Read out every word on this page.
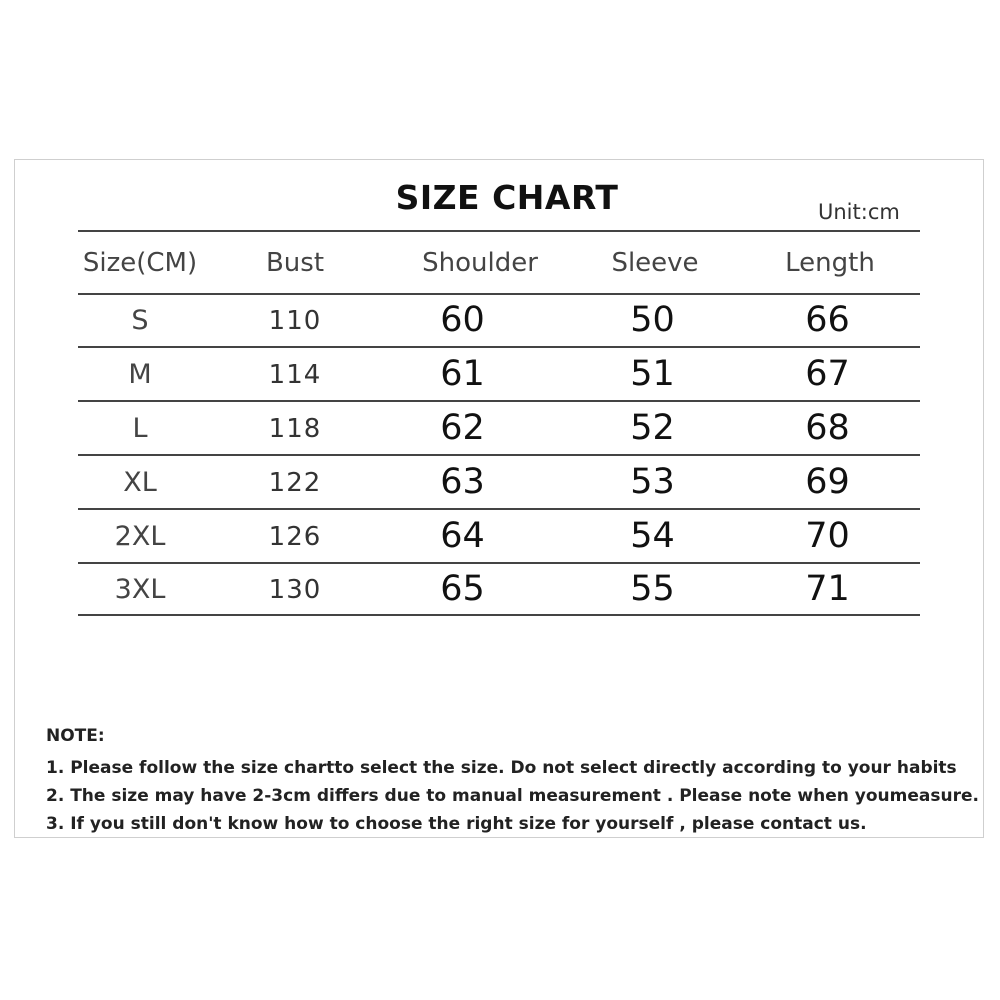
SIZE CHART	Unit:cm
Size(CM)	Bust	Shoulder	Sleeve	Length
S	110	60	50	66
M	114	61	51	67
L	118	62	52	68
XL	122	63	53	69
2XL	126	64	54	70
3XL	130	65	55	71
NOTE:
1. Please follow the size chartto select the size. Do not select directly according to your habits
2. The size may have 2-3cm differs due to manual measurement . Please note when youmeasure.
3. If you still don't know how to choose the right size for yourself , please contact us.
